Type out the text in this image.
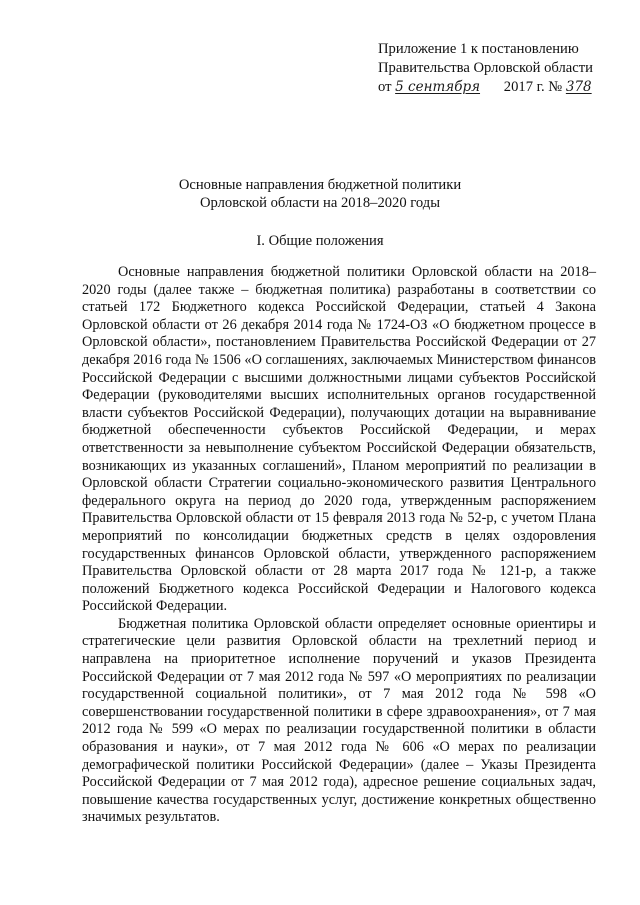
Приложение 1 к постановлению
Правительства Орловской области
от 5 сентября 2017 г. № 378
Основные направления бюджетной политики
Орловской области на 2018–2020 годы
I. Общие положения

Основные направления бюджетной политики Орловской области на 2018–2020 годы (далее также – бюджетная политика) разработаны в соответствии со статьей 172 Бюджетного кодекса Российской Федерации, статьей 4 Закона Орловской области от 26 декабря 2014 года № 1724-ОЗ «О бюджетном процессе в Орловской области», постановлением Правительства Российской Федерации от 27 декабря 2016 года № 1506 «О соглашениях, заключаемых Министерством финансов Российской Федерации с высшими должностными лицами субъектов Российской Федерации (руководителями высших исполнительных органов государственной власти субъектов Российской Федерации), получающих дотации на выравнивание бюджетной обеспеченности субъектов Российской Федерации, и мерах ответственности за невыполнение субъектом Российской Федерации обязательств, возникающих из указанных соглашений», Планом мероприятий по реализации в Орловской области Стратегии социально-экономического развития Центрального федерального округа на период до 2020 года, утвержденным распоряжением Правительства Орловской области от 15 февраля 2013 года № 52-р, с учетом Плана мероприятий по консолидации бюджетных средств в целях оздоровления государственных финансов Орловской области, утвержденного распоряжением Правительства Орловской области от 28 марта 2017 года № 121-р, а также положений Бюджетного кодекса Российской Федерации и Налогового кодекса Российской Федерации.

Бюджетная политика Орловской области определяет основные ориентиры и стратегические цели развития Орловской области на трехлетний период и направлена на приоритетное исполнение поручений и указов Президента Российской Федерации от 7 мая 2012 года № 597 «О мероприятиях по реализации государственной социальной политики», от 7 мая 2012 года № 598 «О совершенствовании государственной политики в сфере здравоохранения», от 7 мая 2012 года № 599 «О мерах по реализации государственной политики в области образования и науки», от 7 мая 2012 года № 606 «О мерах по реализации демографической политики Российской Федерации» (далее – Указы Президента Российской Федерации от 7 мая 2012 года), адресное решение социальных задач, повышение качества государственных услуг, достижение конкретных общественно значимых результатов.
